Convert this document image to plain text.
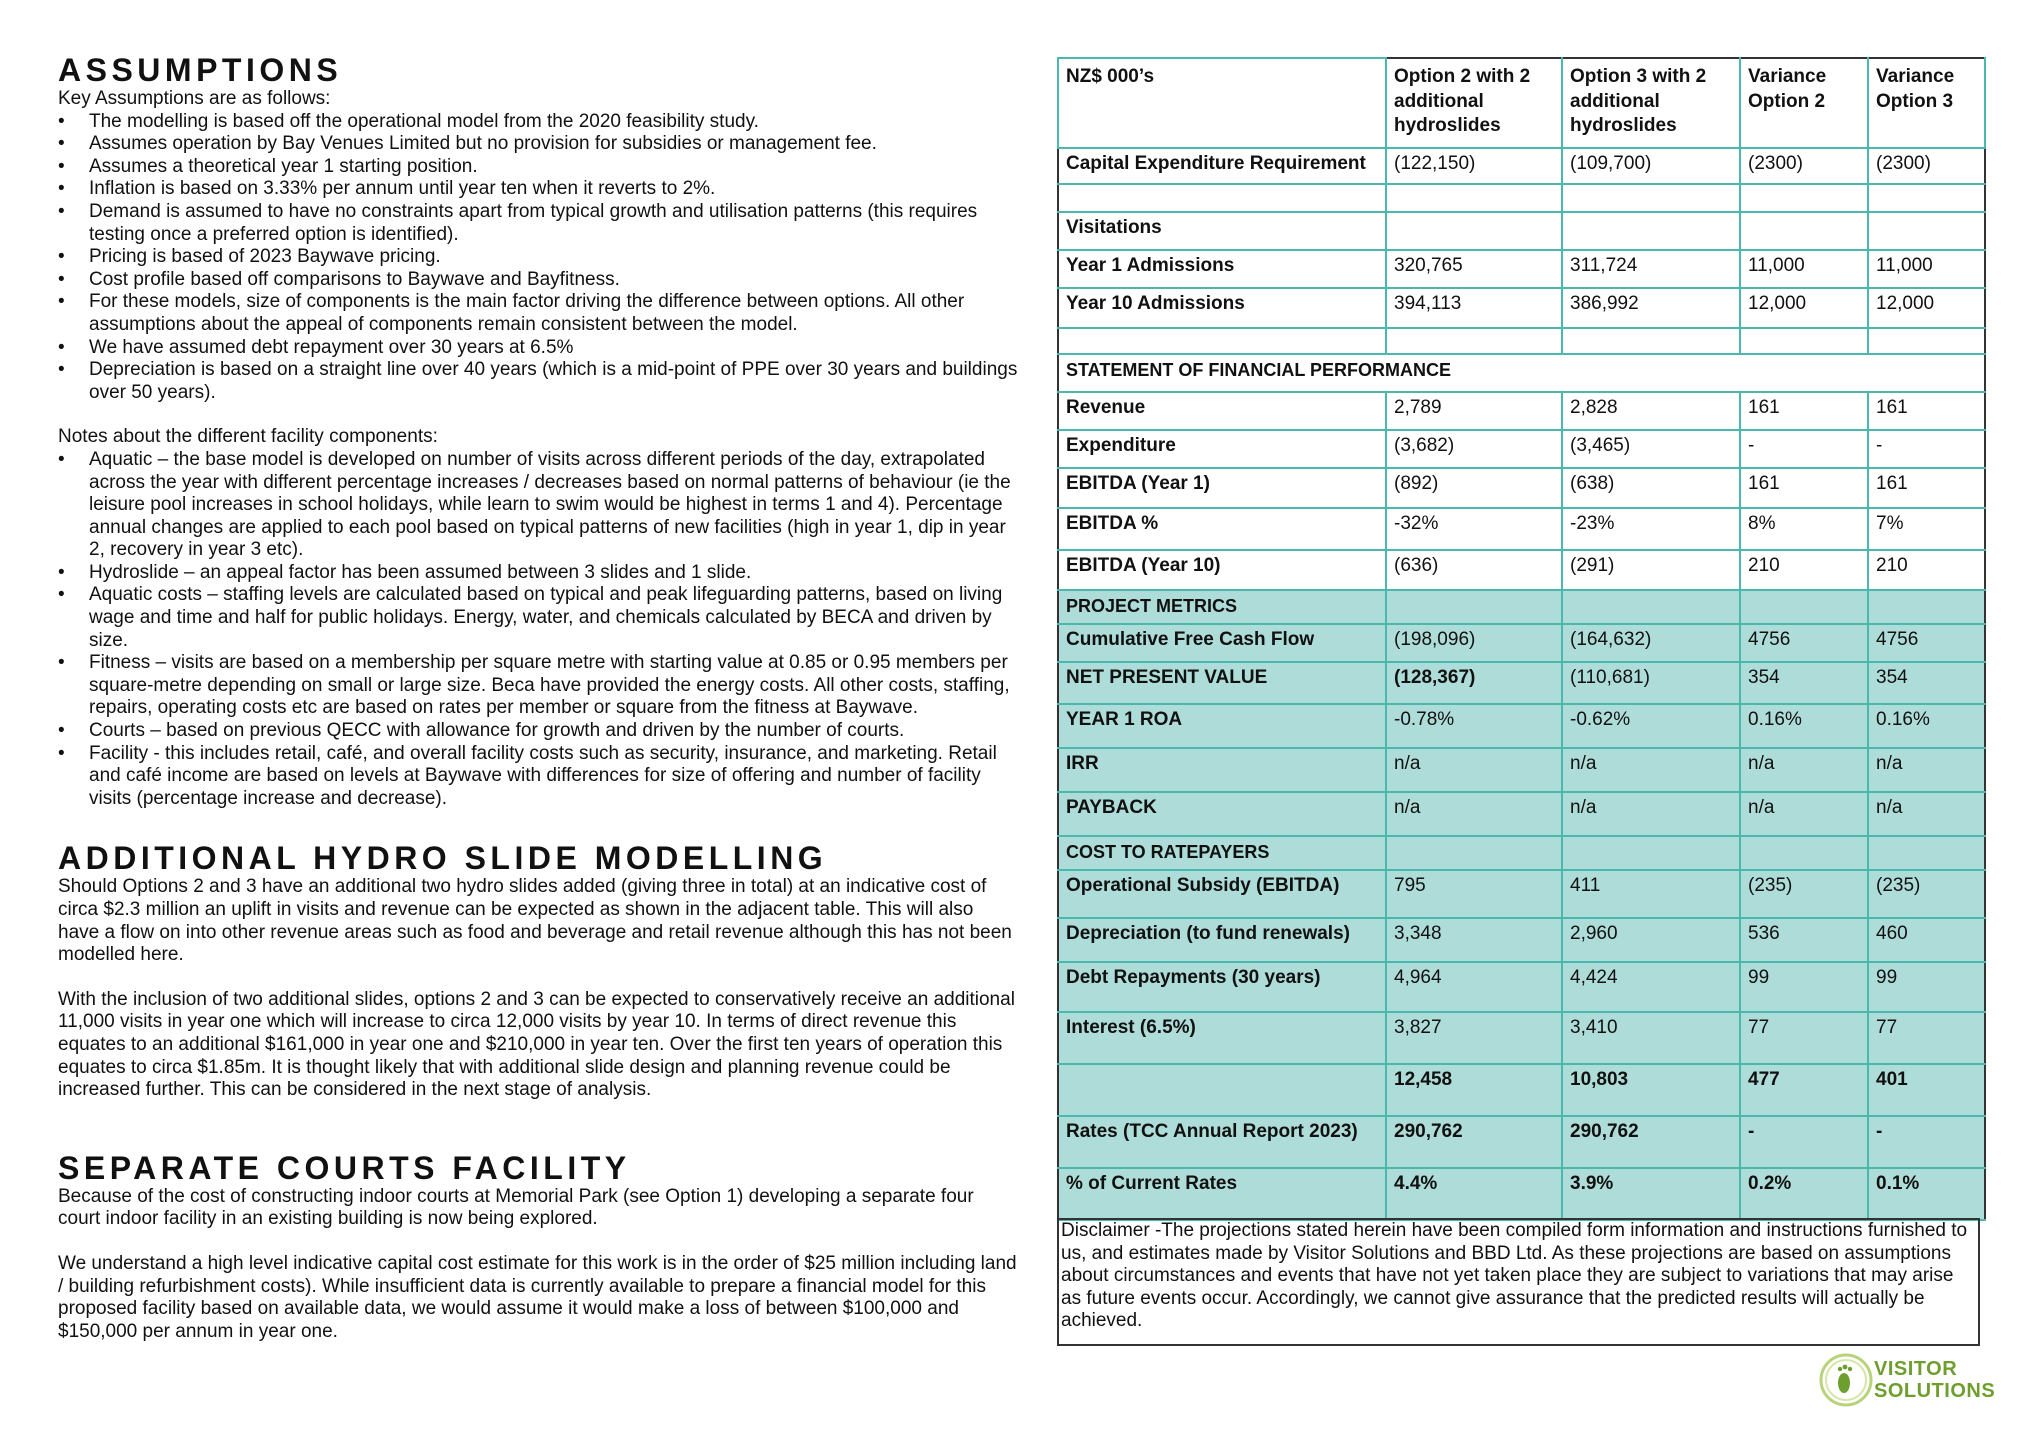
ASSUMPTIONS

Key Assumptions are as follows:

• The modelling is based off the operational model from the 2020 feasibility study.
• Assumes operation by Bay Venues Limited but no provision for subsidies or management fee.
• Assumes a theoretical year 1 starting position.
• Inflation is based on 3.33% per annum until year ten when it reverts to 2%.
• Demand is assumed to have no constraints apart from typical growth and utilisation patterns (this requires testing once a preferred option is identified).
• Pricing is based of 2023 Baywave pricing.
• Cost profile based off comparisons to Baywave and Bayfitness.
• For these models, size of components is the main factor driving the difference between options. All other assumptions about the appeal of components remain consistent between the model.
• We have assumed debt repayment over 30 years at 6.5%
• Depreciation is based on a straight line over 40 years (which is a mid-point of PPE over 30 years and buildings over 50 years).

Notes about the different facility components:

• Aquatic – the base model is developed on number of visits across different periods of the day, extrapolated across the year with different percentage increases / decreases based on normal patterns of behaviour (ie the leisure pool increases in school holidays, while learn to swim would be highest in terms 1 and 4). Percentage annual changes are applied to each pool based on typical patterns of new facilities (high in year 1, dip in year 2, recovery in year 3 etc).
• Hydroslide – an appeal factor has been assumed between 3 slides and 1 slide.
• Aquatic costs – staffing levels are calculated based on typical and peak lifeguarding patterns, based on living wage and time and half for public holidays. Energy, water, and chemicals calculated by BECA and driven by size.
• Fitness – visits are based on a membership per square metre with starting value at 0.85 or 0.95 members per square-metre depending on small or large size. Beca have provided the energy costs. All other costs, staffing, repairs, operating costs etc are based on rates per member or square from the fitness at Baywave.
• Courts – based on previous QECC with allowance for growth and driven by the number of courts.
• Facility - this includes retail, café, and overall facility costs such as security, insurance, and marketing. Retail and café income are based on levels at Baywave with differences for size of offering and number of facility visits (percentage increase and decrease).
ADDITIONAL HYDRO SLIDE MODELLING

Should Options 2 and 3 have an additional two hydro slides added (giving three in total) at an indicative cost of circa $2.3 million an uplift in visits and revenue can be expected as shown in the adjacent table. This will also have a flow on into other revenue areas such as food and beverage and retail revenue although this has not been modelled here.

With the inclusion of two additional slides, options 2 and 3 can be expected to conservatively receive an additional 11,000 visits in year one which will increase to circa 12,000 visits by year 10. In terms of direct revenue this equates to an additional $161,000 in year one and $210,000 in year ten. Over the first ten years of operation this equates to circa $1.85m. It is thought likely that with additional slide design and planning revenue could be increased further. This can be considered in the next stage of analysis.

SEPARATE COURTS FACILITY

Because of the cost of constructing indoor courts at Memorial Park (see Option 1) developing a separate four court indoor facility in an existing building is now being explored.

We understand a high level indicative capital cost estimate for this work is in the order of $25 million including land / building refurbishment costs). While insufficient data is currently available to prepare a financial model for this proposed facility based on available data, we would assume it would make a loss of between $100,000 and $150,000 per annum in year one.

NZ$ 000’s	Option 2 with 2 additional hydroslides	Option 3 with 2 additional hydroslides	Variance Option 2	Variance Option 3
Capital Expenditure Requirement	(122,150)	(109,700)	(2300)	(2300)

Visitations				
Year 1 Admissions	320,765	311,724	11,000	11,000
Year 10 Admissions	394,113	386,992	12,000	12,000

STATEMENT OF FINANCIAL PERFORMANCE				
Revenue	2,789	2,828	161	161
Expenditure	(3,682)	(3,465)	-	-
EBITDA (Year 1)	(892)	(638)	161	161
EBITDA %	-32%	-23%	8%	7%
EBITDA (Year 10)	(636)	(291)	210	210
PROJECT METRICS				
Cumulative Free Cash Flow	(198,096)	(164,632)	4756	4756
NET PRESENT VALUE	(128,367)	(110,681)	354	354
YEAR 1 ROA	-0.78%	-0.62%	0.16%	0.16%
IRR	n/a	n/a	n/a	n/a
PAYBACK	n/a	n/a	n/a	n/a
COST TO RATEPAYERS				
Operational Subsidy (EBITDA)	795	411	(235)	(235)
Depreciation (to fund renewals)	3,348	2,960	536	460
Debt Repayments (30 years)	4,964	4,424	99	99
Interest (6.5%)	3,827	3,410	77	77
	12,458	10,803	477	401
Rates (TCC Annual Report 2023)	290,762	290,762	-	-
% of Current Rates	4.4%	3.9%	0.2%	0.1%
Disclaimer -The projections stated herein have been compiled form information and instructions furnished to us, and estimates made by Visitor Solutions and BBD Ltd. As these projections are based on assumptions about circumstances and events that have not yet taken place they are subject to variations that may arise as future events occur. Accordingly, we cannot give assurance that the predicted results will actually be achieved.
VISITOR
SOLUTIONS
